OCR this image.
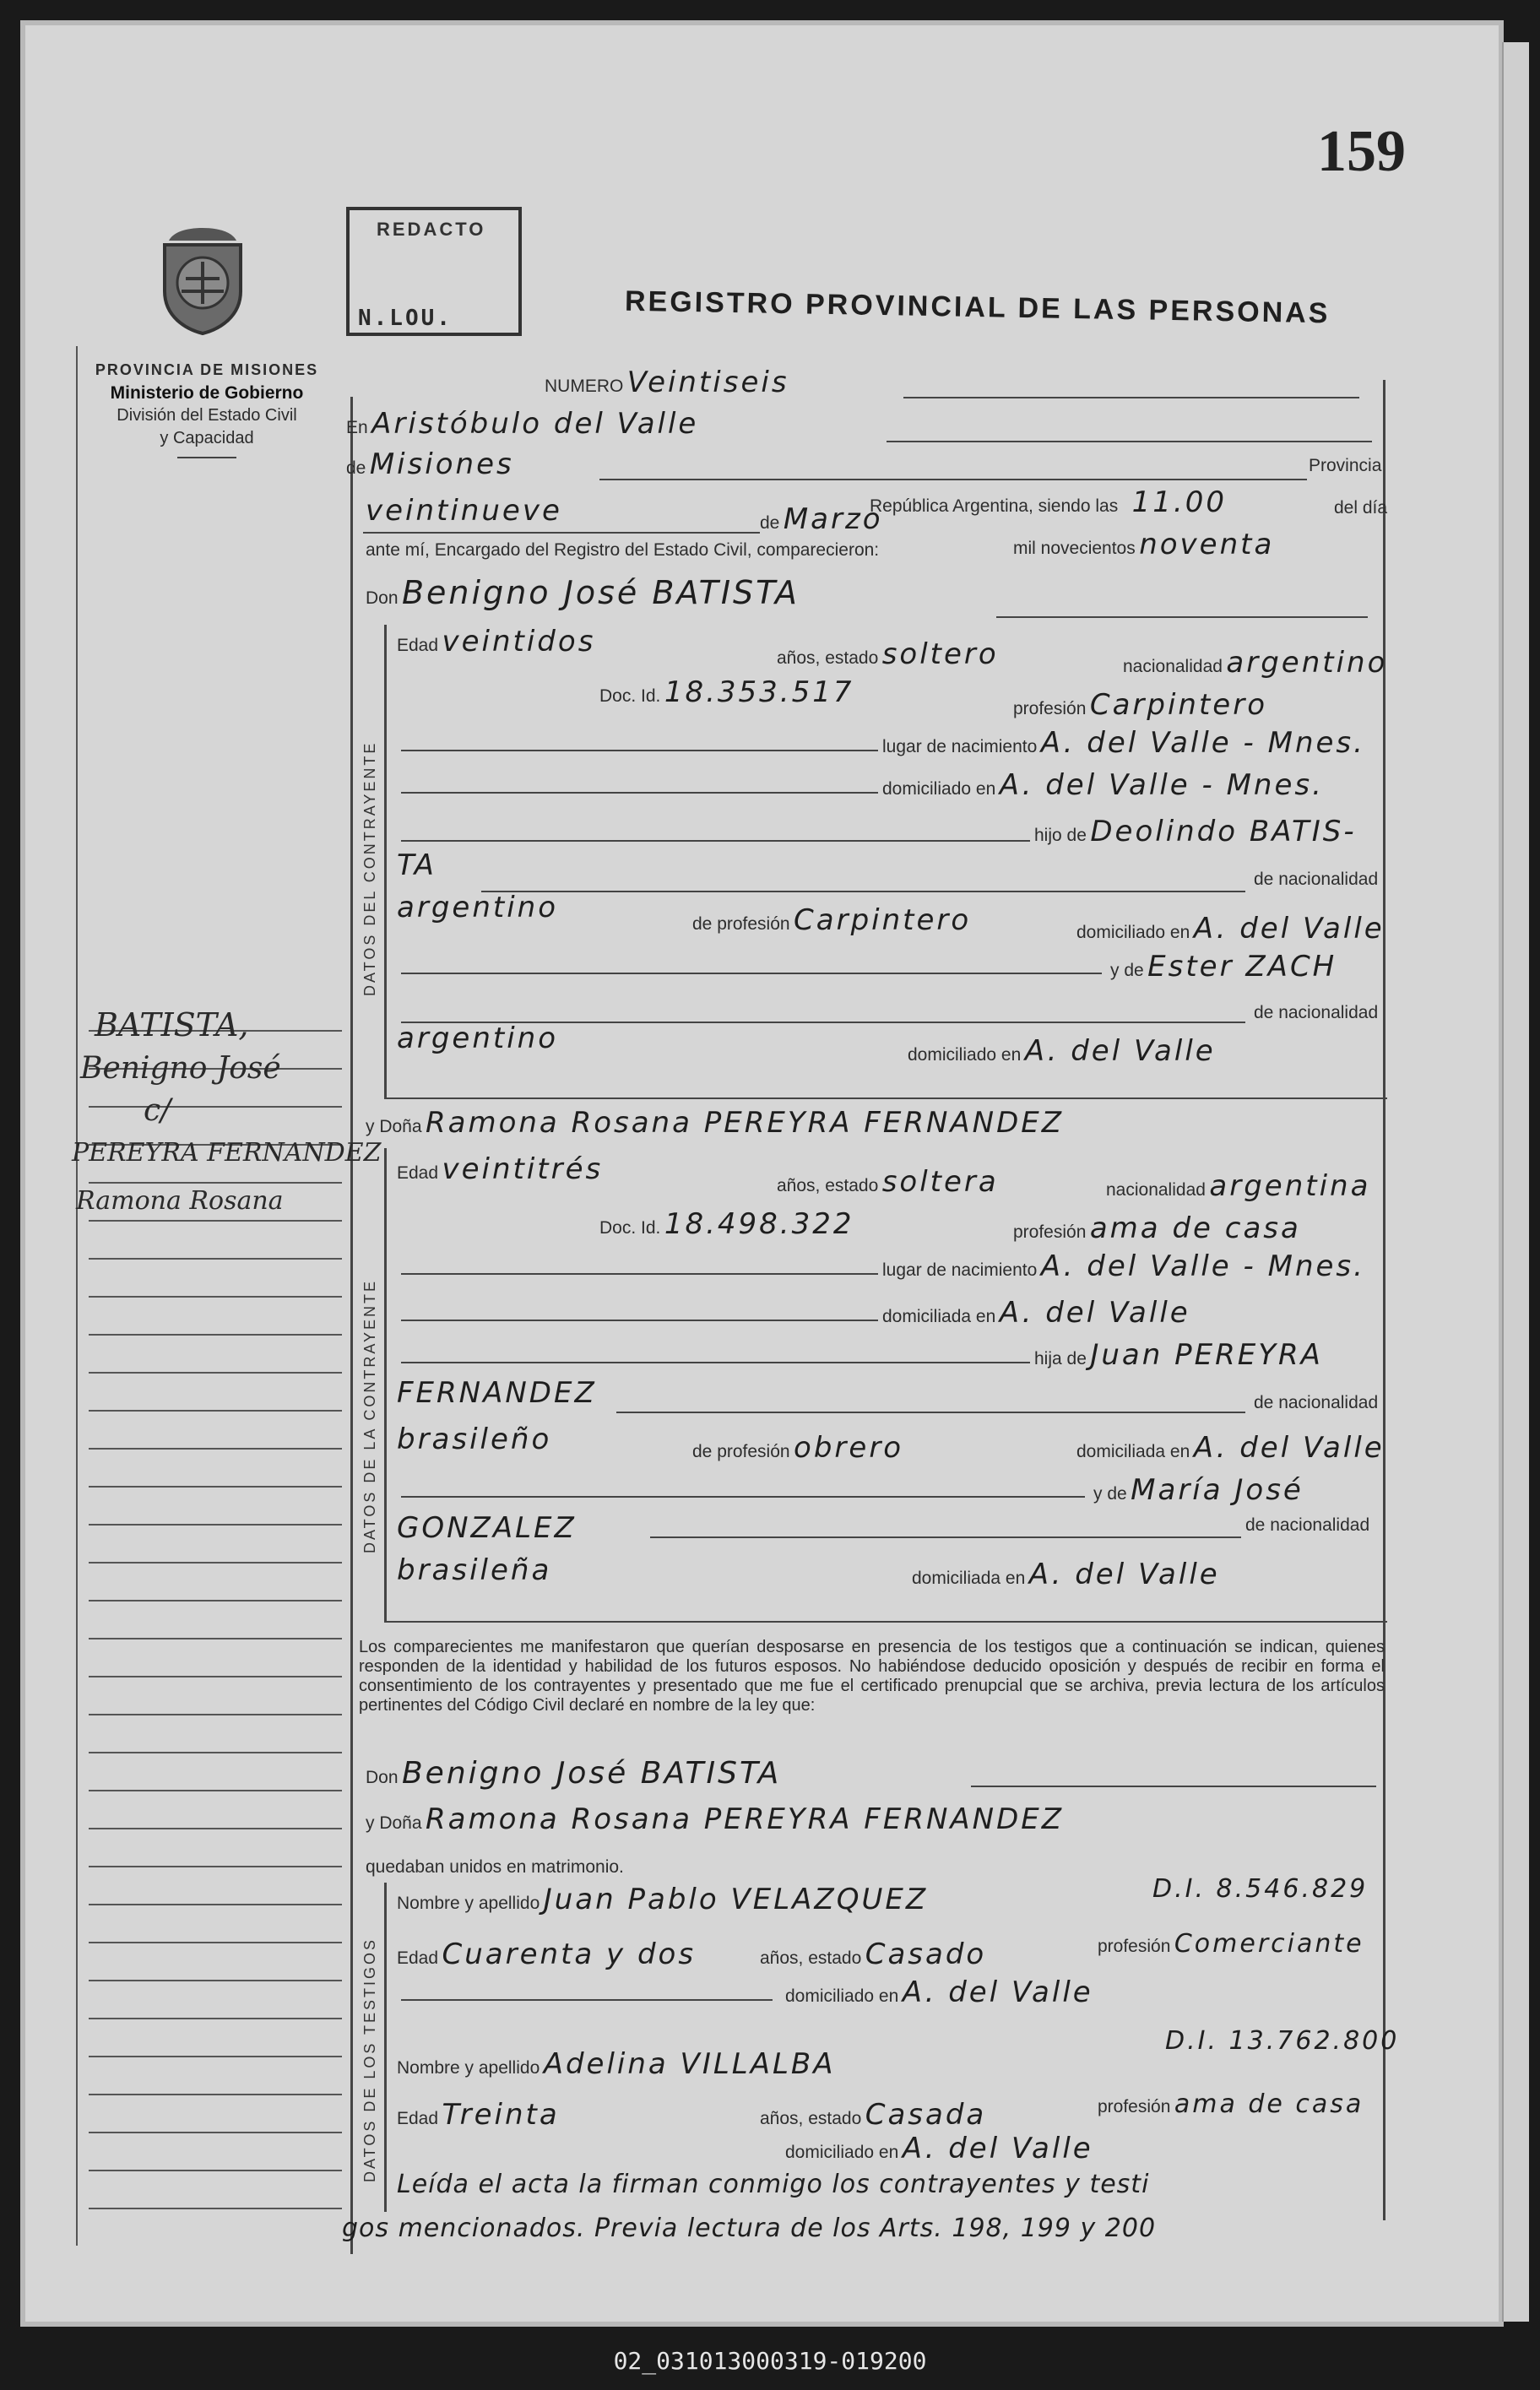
159
REDACTO
N.LOU.	REGISTRO PROVINCIAL DE LAS PERSONAS
PROVINCIA DE MISIONES
Ministerio de Gobierno
División del Estado Civil
y Capacidad
BATISTA,
Benigno José
c/
PEREYRA FERNANDEZ
Ramona Rosana
NUMERO Veintiseis
En Aristóbulo del Valle
de Misiones	Provincia
República Argentina, siendo las 11.00	del día
veintinueve	de Marzo
mil novecientos noventa
ante mí, Encargado del Registro del Estado Civil, comparecieron:
Don Benigno José BATISTA
DATOS DEL CONTRAYENTE
Edad veintidos	años, estado soltero	nacionalidad argentino
Doc. Id. 18.353.517	profesión Carpintero
lugar de nacimiento A. del Valle - Mnes.
domiciliado en A. del Valle - Mnes.
hijo de Deolindo BATIS-
TA	de nacionalidad
argentino	de profesión Carpintero	domiciliado en A. del Valle
y de Ester ZACH
de nacionalidad
argentino	domiciliado en A. del Valle
y Doña Ramona Rosana PEREYRA FERNANDEZ
DATOS DE LA CONTRAYENTE
Edad veintitrés	años, estado soltera	nacionalidad argentina
Doc. Id. 18.498.322	profesión ama de casa
lugar de nacimiento A. del Valle - Mnes.
domiciliada en A. del Valle
hija de Juan PEREYRA
FERNANDEZ	de nacionalidad
brasileño	de profesión obrero	domiciliada en A. del Valle
y de María José
GONZALEZ	de nacionalidad
brasileña	domiciliada en A. del Valle
Los comparecientes me manifestaron que querían desposarse en presencia de los testigos que a continuación se indican, quienes responden de la identidad y habilidad de los futuros esposos. No habiéndose deducido oposición y después de recibir en forma el consentimiento de los contrayentes y presentado que me fue el certificado prenupcial que se archiva, previa lectura de los artículos pertinentes del Código Civil declaré en nombre de la ley que:
Don Benigno José BATISTA
y Doña Ramona Rosana PEREYRA FERNANDEZ
quedaban unidos en matrimonio.
DATOS DE LOS TESTIGOS
Nombre y apellido Juan Pablo VELAZQUEZ	D.I. 8.546.829
Edad Cuarenta y dos	años, estado Casado	profesión Comerciante
domiciliado en A. del Valle
Nombre y apellido Adelina VILLALBA
D.I. 13.762.800
Edad Treinta	años, estado Casada	profesión ama de casa
domiciliado en A. del Valle
Leída el acta la firman conmigo los contrayentes y testi
gos mencionados. Previa lectura de los Arts. 198, 199 y 200
02_031013000319-019200
